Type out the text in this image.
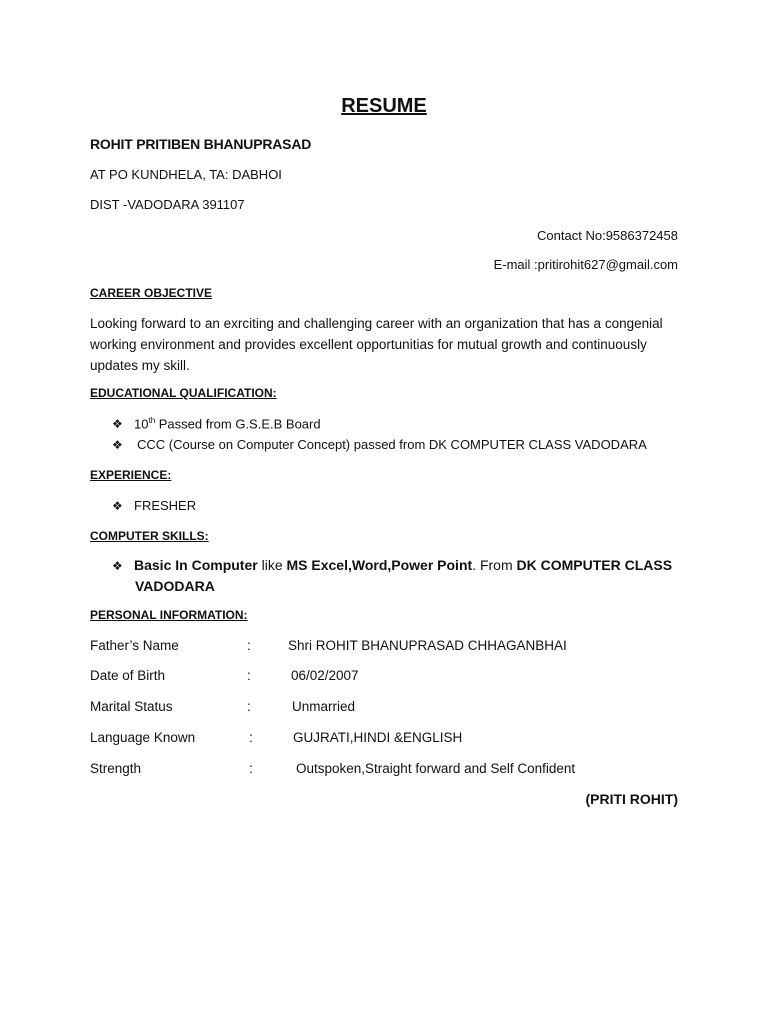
RESUME
ROHIT PRITIBEN BHANUPRASAD
AT PO KUNDHELA, TA: DABHOI
DIST -VADODARA 391107
Contact No:9586372458
E-mail :pritirohit627@gmail.com
CAREER OBJECTIVE
Looking forward to an exrciting and challenging career with an organization that has a congenial working environment and provides excellent opportunitias for mutual growth and continuously updates my skill.
EDUCATIONAL QUALIFICATION:
❖ 10th Passed from G.S.E.B Board
❖ CCC (Course on Computer Concept) passed from DK COMPUTER CLASS VADODARA
EXPERIENCE:
❖ FRESHER
COMPUTER SKILLS:
❖ Basic In Computer like MS Excel,Word,Power Point. From DK COMPUTER CLASS
VADODARA
PERSONAL INFORMATION:
Father’s Name	:	Shri ROHIT BHANUPRASAD CHHAGANBHAI
Date of Birth	:	06/02/2007
Marital Status	:	Unmarried
Language Known	:	GUJRATI,HINDI &ENGLISH
Strength	:	Outspoken,Straight forward and Self Confident
(PRITI ROHIT)
